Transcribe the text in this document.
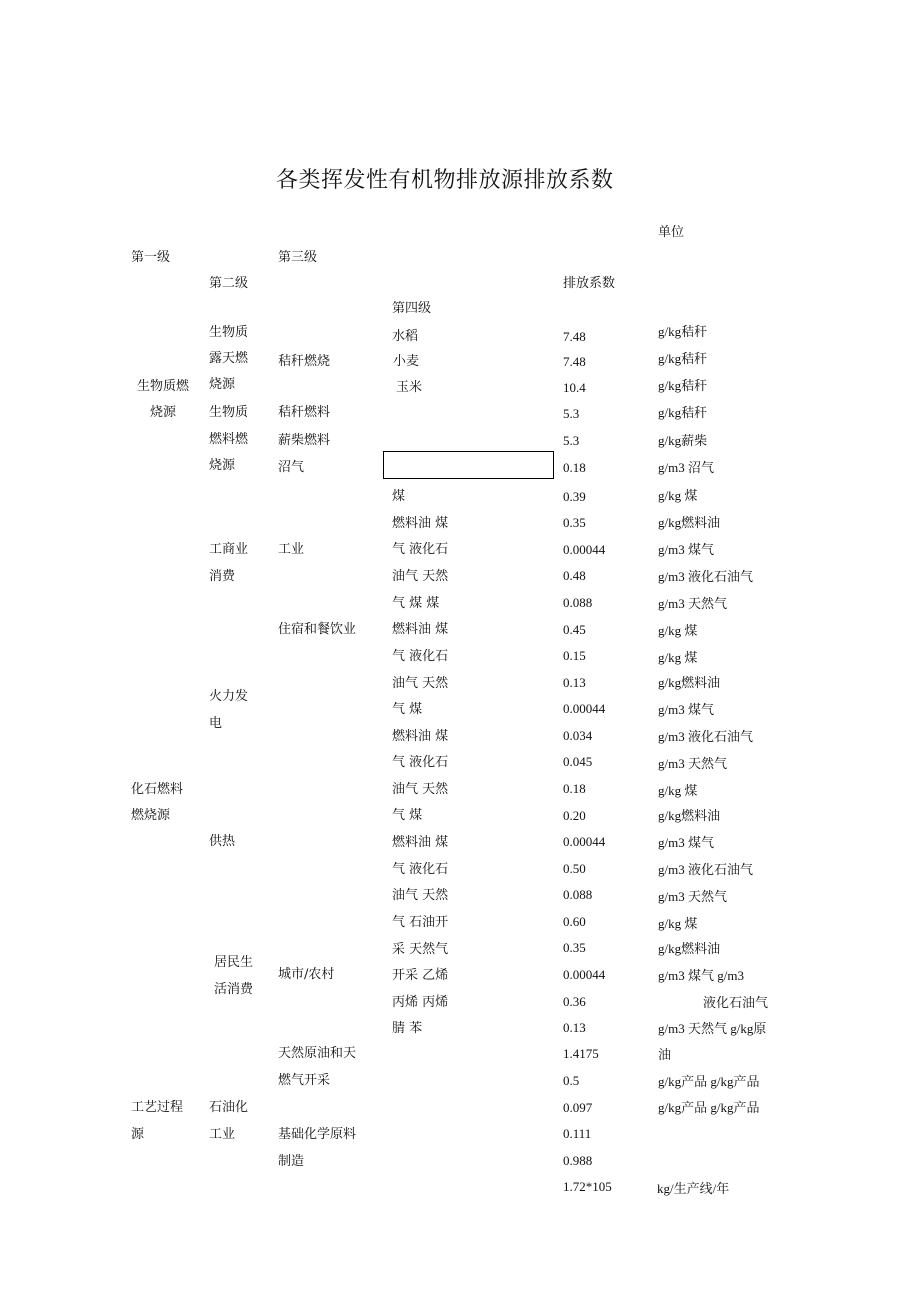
各类挥发性有机物排放源排放系数
单位
第一级	第三级
第二级	排放系数
第四级
生物质燃
烧源
化石燃料
燃烧源
工艺过程
源
生物质
露天燃
烧源
生物质
燃料燃
烧源
工商业
消费
火力发
电
供热
居民生
活消费
石油化
工业
秸秆燃烧
秸秆燃料
薪柴燃料
沼气
工业
住宿和餐饮业
城市/农村
天然原油和天
燃气开采
基础化学原料
制造
水稻
小麦
玉米
煤
燃料油 煤
气 液化石
油气 天然
气 煤 煤
燃料油 煤
气 液化石
油气 天然
气 煤
燃料油 煤
气 液化石
油气 天然
气 煤
燃料油 煤
气 液化石
油气 天然
气 石油开
采 天然气
开采 乙烯
丙烯 丙烯
腈 苯
7.48
7.48
10.4
5.3
5.3
0.18
0.39
0.35
0.00044
0.48
0.088
0.45
0.15
0.13
0.00044
0.034
0.045
0.18
0.20
0.00044
0.50
0.088
0.60
0.35
0.00044
0.36
0.13
1.4175
0.5
0.097
0.111
0.988
1.72*105
g/kg秸秆
g/kg秸秆
g/kg秸秆
g/kg秸秆
g/kg薪柴
g/m3 沼气
g/kg 煤
g/kg燃料油
g/m3 煤气
g/m3 液化石油气
g/m3 天然气
g/kg 煤
g/kg 煤
g/kg燃料油
g/m3 煤气
g/m3 液化石油气
g/m3 天然气
g/kg 煤
g/kg燃料油
g/m3 煤气
g/m3 液化石油气
g/m3 天然气
g/kg 煤
g/kg燃料油
g/m3 煤气 g/m3
液化石油气
g/m3 天然气 g/kg原
油
g/kg产品 g/kg产品
g/kg产品 g/kg产品
kg/生产线/年
